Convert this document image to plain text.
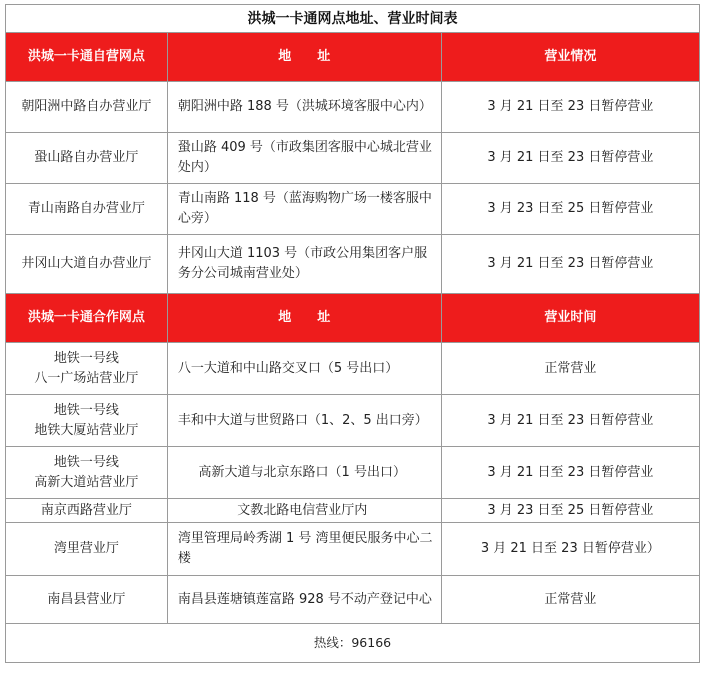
洪城一卡通网点地址、营业时间表		
洪城一卡通自营网点	地　　址	营业情况
朝阳洲中路自办营业厅	朝阳洲中路 188 号（洪城环境客服中心内）	3 月 21 日至 23 日暂停营业
蛩山路自办营业厅	蛩山路 409 号（市政集团客服中心城北营业处内）	3 月 21 日至 23 日暂停营业
青山南路自办营业厅	青山南路 118 号（蓝海购物广场一楼客服中心旁）	3 月 23 日至 25 日暂停营业
井冈山大道自办营业厅	井冈山大道 1103 号（市政公用集团客户服务分公司城南营业处）	3 月 21 日至 23 日暂停营业
洪城一卡通合作网点	地　　址	营业时间

地铁一号线
八一广场站营业厅	八一大道和中山路交叉口（5 号出口）	正常营业

地铁一号线
地铁大厦站营业厅	丰和中大道与世贸路口（1、2、5 出口旁）	3 月 21 日至 23 日暂停营业

地铁一号线
高新大道站营业厅	高新大道与北京东路口（1 号出口）	3 月 21 日至 23 日暂停营业
南京西路营业厅	文教北路电信营业厅内	3 月 23 日至 25 日暂停营业
湾里营业厅	湾里管理局岭秀湖 1 号 湾里便民服务中心二楼	3 月 21 日至 23 日暂停营业）
南昌县营业厅	南昌县莲塘镇莲富路 928 号不动产登记中心	正常营业
热线：96166		
